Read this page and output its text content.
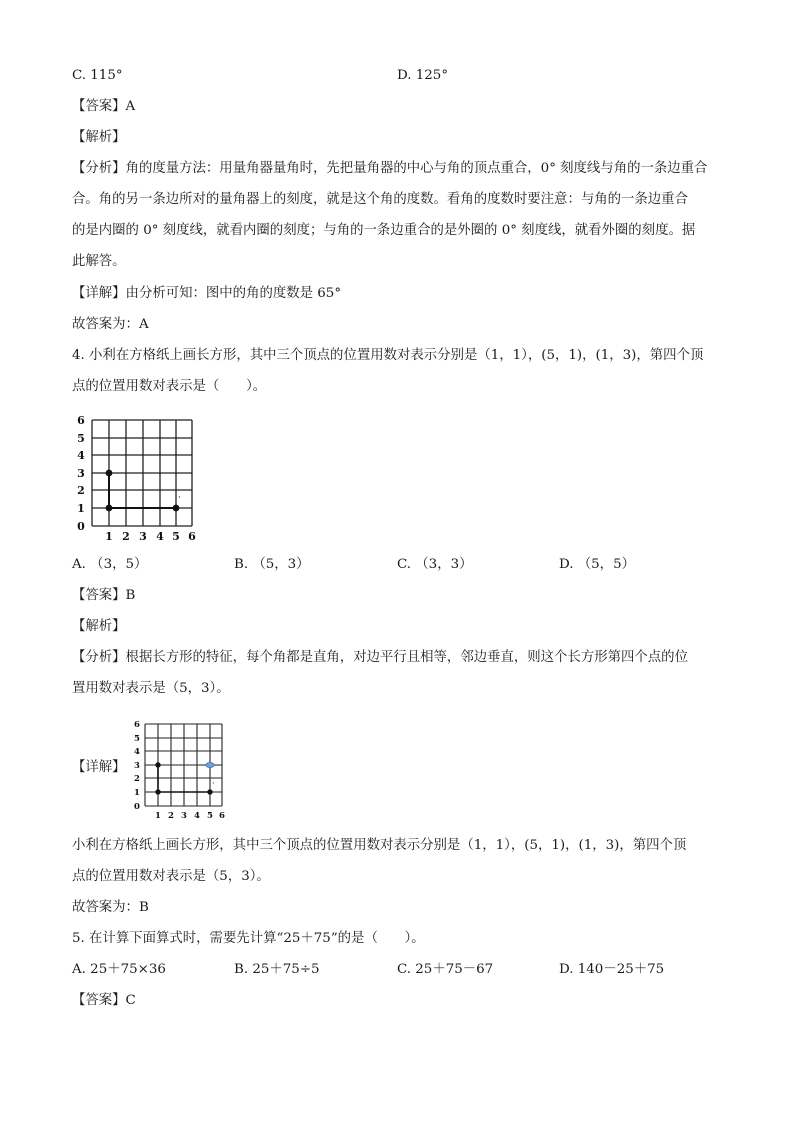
C. 115°	D. 125°
【答案】A
【解析】
【分析】角的度量方法：用量角器量角时，先把量角器的中心与角的顶点重合，0° 刻度线与角的一条边重合
合。角的另一条边所对的量角器上的刻度，就是这个角的度数。看角的度数时要注意：与角的一条边重合
的是内圈的 0° 刻度线，就看内圈的刻度；与角的一条边重合的是外圈的 0° 刻度线，就看外圈的刻度。据
此解答。
【详解】由分析可知：图中的角的度数是 65°
故答案为：A
4. 小利在方格纸上画长方形，其中三个顶点的位置用数对表示分别是（1，1），(5，1)，(1，3)，第四个顶
点的位置用数对表示是（　　）。
·
6
5
4
3
2
1
0
1 2 3 4 5 6
A. （3，5）	B. （5，3）	C. （3，3）	D. （5，5）
【答案】B
【解析】
【分析】根据长方形的特征，每个角都是直角，对边平行且相等，邻边垂直，则这个长方形第四个点的位
置用数对表示是（5，3）。
【详解】
·
6
5
4
3
2
1
0
1 2 3 4 5 6
小利在方格纸上画长方形，其中三个顶点的位置用数对表示分别是（1，1），(5，1)，(1，3)，第四个顶
点的位置用数对表示是（5，3）。
故答案为：B
5. 在计算下面算式时，需要先计算“25＋75”的是（　　）。
A. 25＋75×36	B. 25＋75÷5	C. 25＋75－67	D. 140－25＋75
【答案】C
